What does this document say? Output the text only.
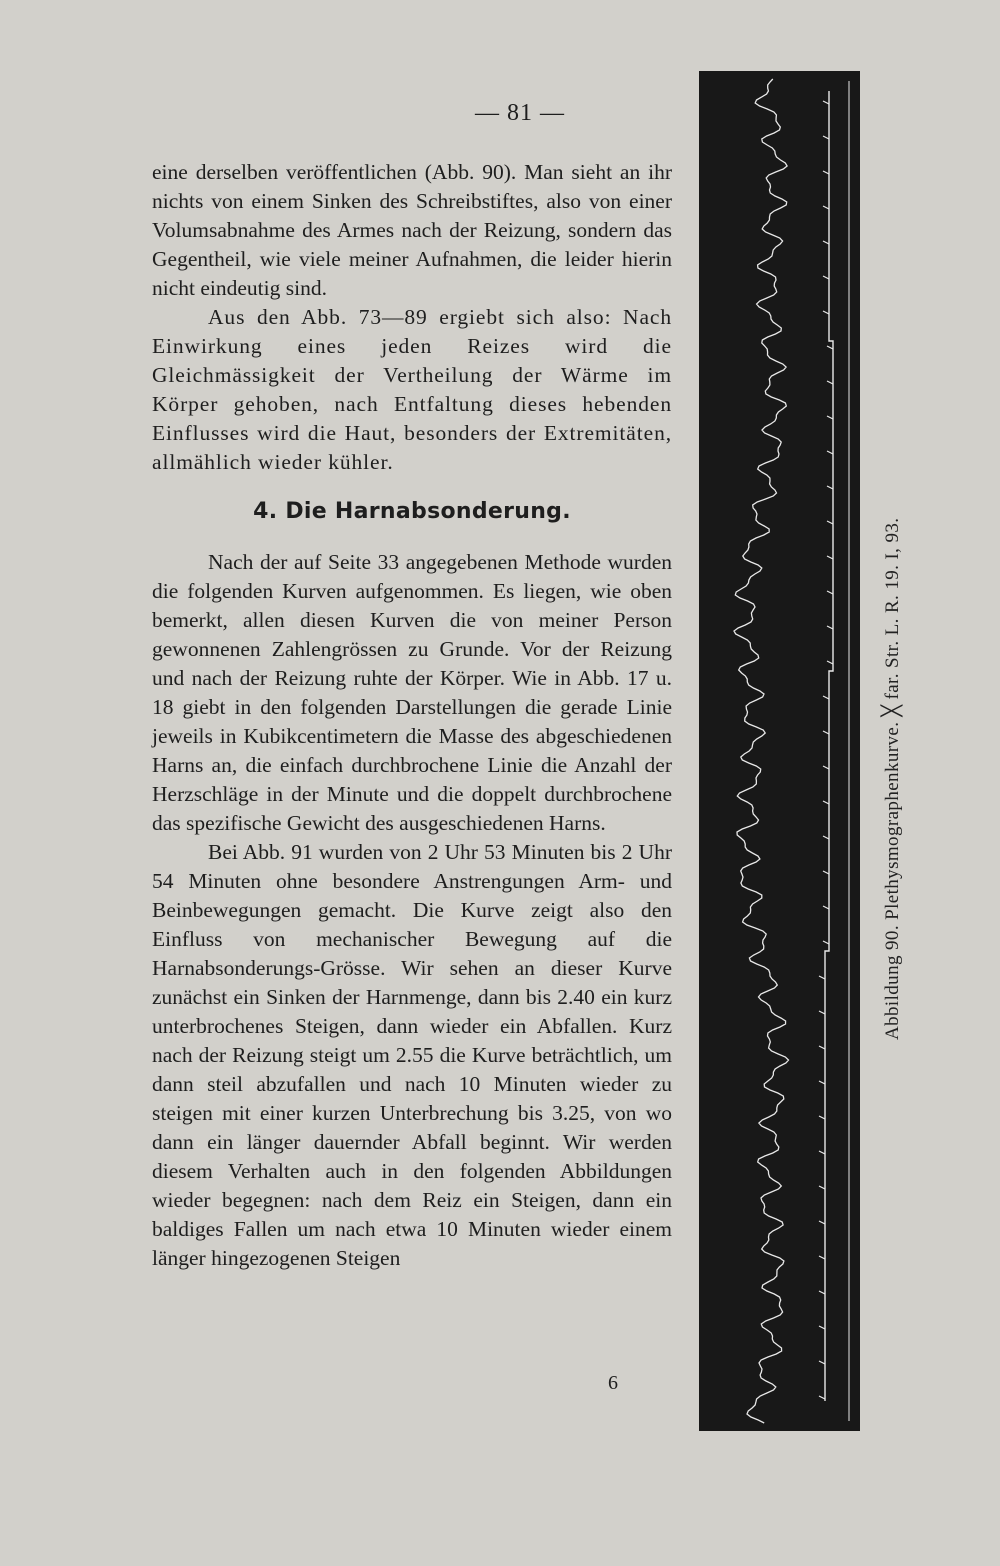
— 81 —

eine derselben veröffentlichen (Abb. 90). Man sieht an ihr nichts von einem Sinken des Schreibstiftes, also von einer Volumsabnahme des Armes nach der Reizung, sondern das Gegentheil, wie viele meiner Aufnahmen, die leider hierin nicht eindeutig sind.

Aus den Abb. 73—89 ergiebt sich also: Nach Einwirkung eines jeden Reizes wird die Gleichmässigkeit der Vertheilung der Wärme im Körper gehoben, nach Entfaltung dieses hebenden Einflusses wird die Haut, besonders der Extremitäten, allmählich wieder kühler.

4. Die Harnabsonderung.

Nach der auf Seite 33 angegebenen Methode wurden die folgenden Kurven aufgenommen. Es liegen, wie oben bemerkt, allen diesen Kurven die von meiner Person gewonnenen Zahlengrössen zu Grunde. Vor der Reizung und nach der Reizung ruhte der Körper. Wie in Abb. 17 u. 18 giebt in den folgenden Darstellungen die gerade Linie jeweils in Kubikcentimetern die Masse des abgeschiedenen Harns an, die einfach durchbrochene Linie die Anzahl der Herzschläge in der Minute und die doppelt durchbrochene das spezifische Gewicht des ausgeschiedenen Harns.

Bei Abb. 91 wurden von 2 Uhr 53 Minuten bis 2 Uhr 54 Minuten ohne besondere Anstrengungen Arm- und Beinbewegungen gemacht. Die Kurve zeigt also den Einfluss von mechanischer Bewegung auf die Harnabsonderungs-Grösse. Wir sehen an dieser Kurve zunächst ein Sinken der Harnmenge, dann bis 2.40 ein kurz unterbrochenes Steigen, dann wieder ein Abfallen. Kurz nach der Reizung steigt um 2.55 die Kurve beträchtlich, um dann steil abzufallen und nach 10 Minuten wieder zu steigen mit einer kurzen Unterbrechung bis 3.25, von wo dann ein länger dauernder Abfall beginnt. Wir werden diesem Verhalten auch in den folgenden Abbildungen wieder begegnen: nach dem Reiz ein Steigen, dann ein baldiges Fallen um nach etwa 10 Minuten wieder einem länger hingezogenen Steigen

6
Abbildung 90. Plethysmographenkurve. ╳ far. Str. L. R. 19. I, 93.
